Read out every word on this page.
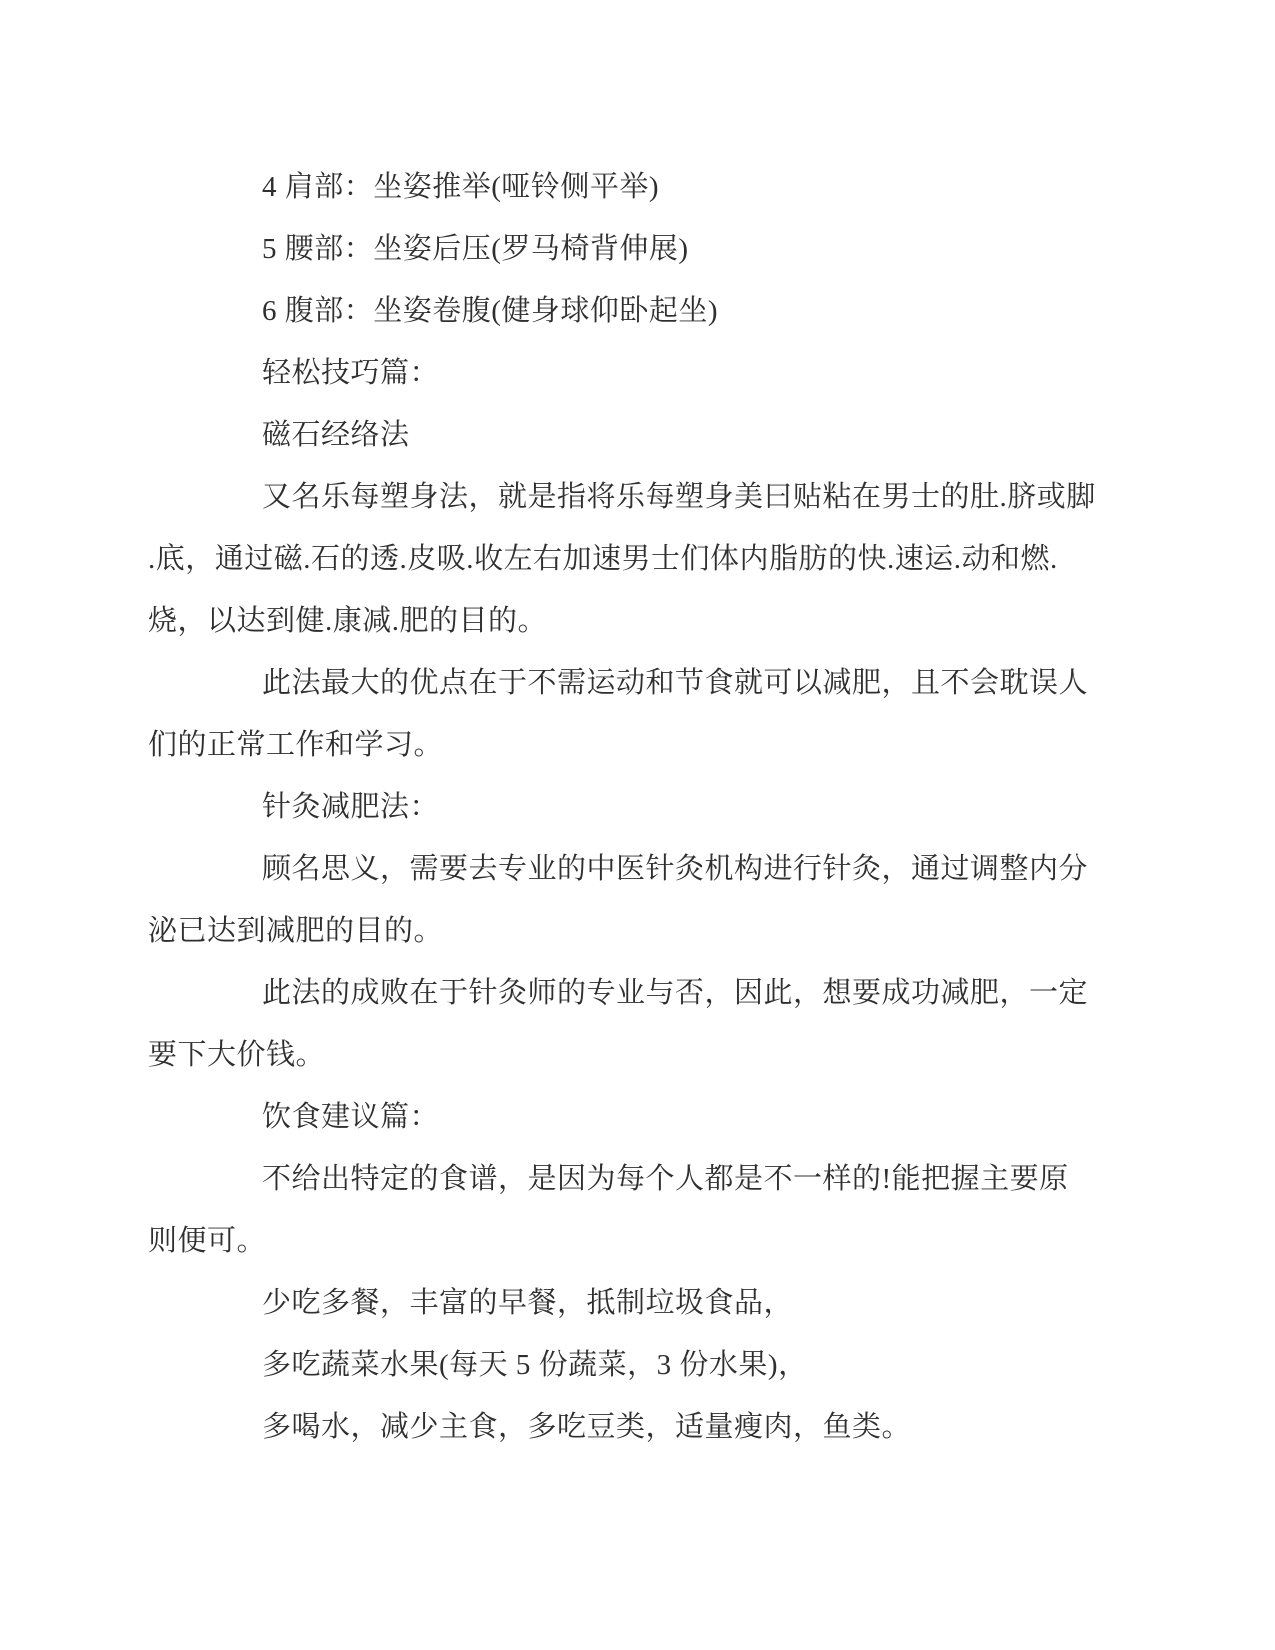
4 肩部：坐姿推举(哑铃侧平举)
5 腰部：坐姿后压(罗马椅背伸展)
6 腹部：坐姿卷腹(健身球仰卧起坐)
轻松技巧篇：
磁石经络法
又名乐每塑身法，就是指将乐每塑身美曰贴粘在男士的肚.脐或脚
.底，通过磁.石的透.皮吸.收左右加速男士们体内脂肪的快.速运.动和燃.
烧，以达到健.康减.肥的目的。
此法最大的优点在于不需运动和节食就可以减肥，且不会耽误人
们的正常工作和学习。
针灸减肥法：
顾名思义，需要去专业的中医针灸机构进行针灸，通过调整内分
泌已达到减肥的目的。
此法的成败在于针灸师的专业与否，因此，想要成功减肥，一定
要下大价钱。
饮食建议篇：
不给出特定的食谱，是因为每个人都是不一样的!能把握主要原
则便可。
少吃多餐，丰富的早餐，抵制垃圾食品，
多吃蔬菜水果(每天 5 份蔬菜，3 份水果)，
多喝水，减少主食，多吃豆类，适量瘦肉，鱼类。
